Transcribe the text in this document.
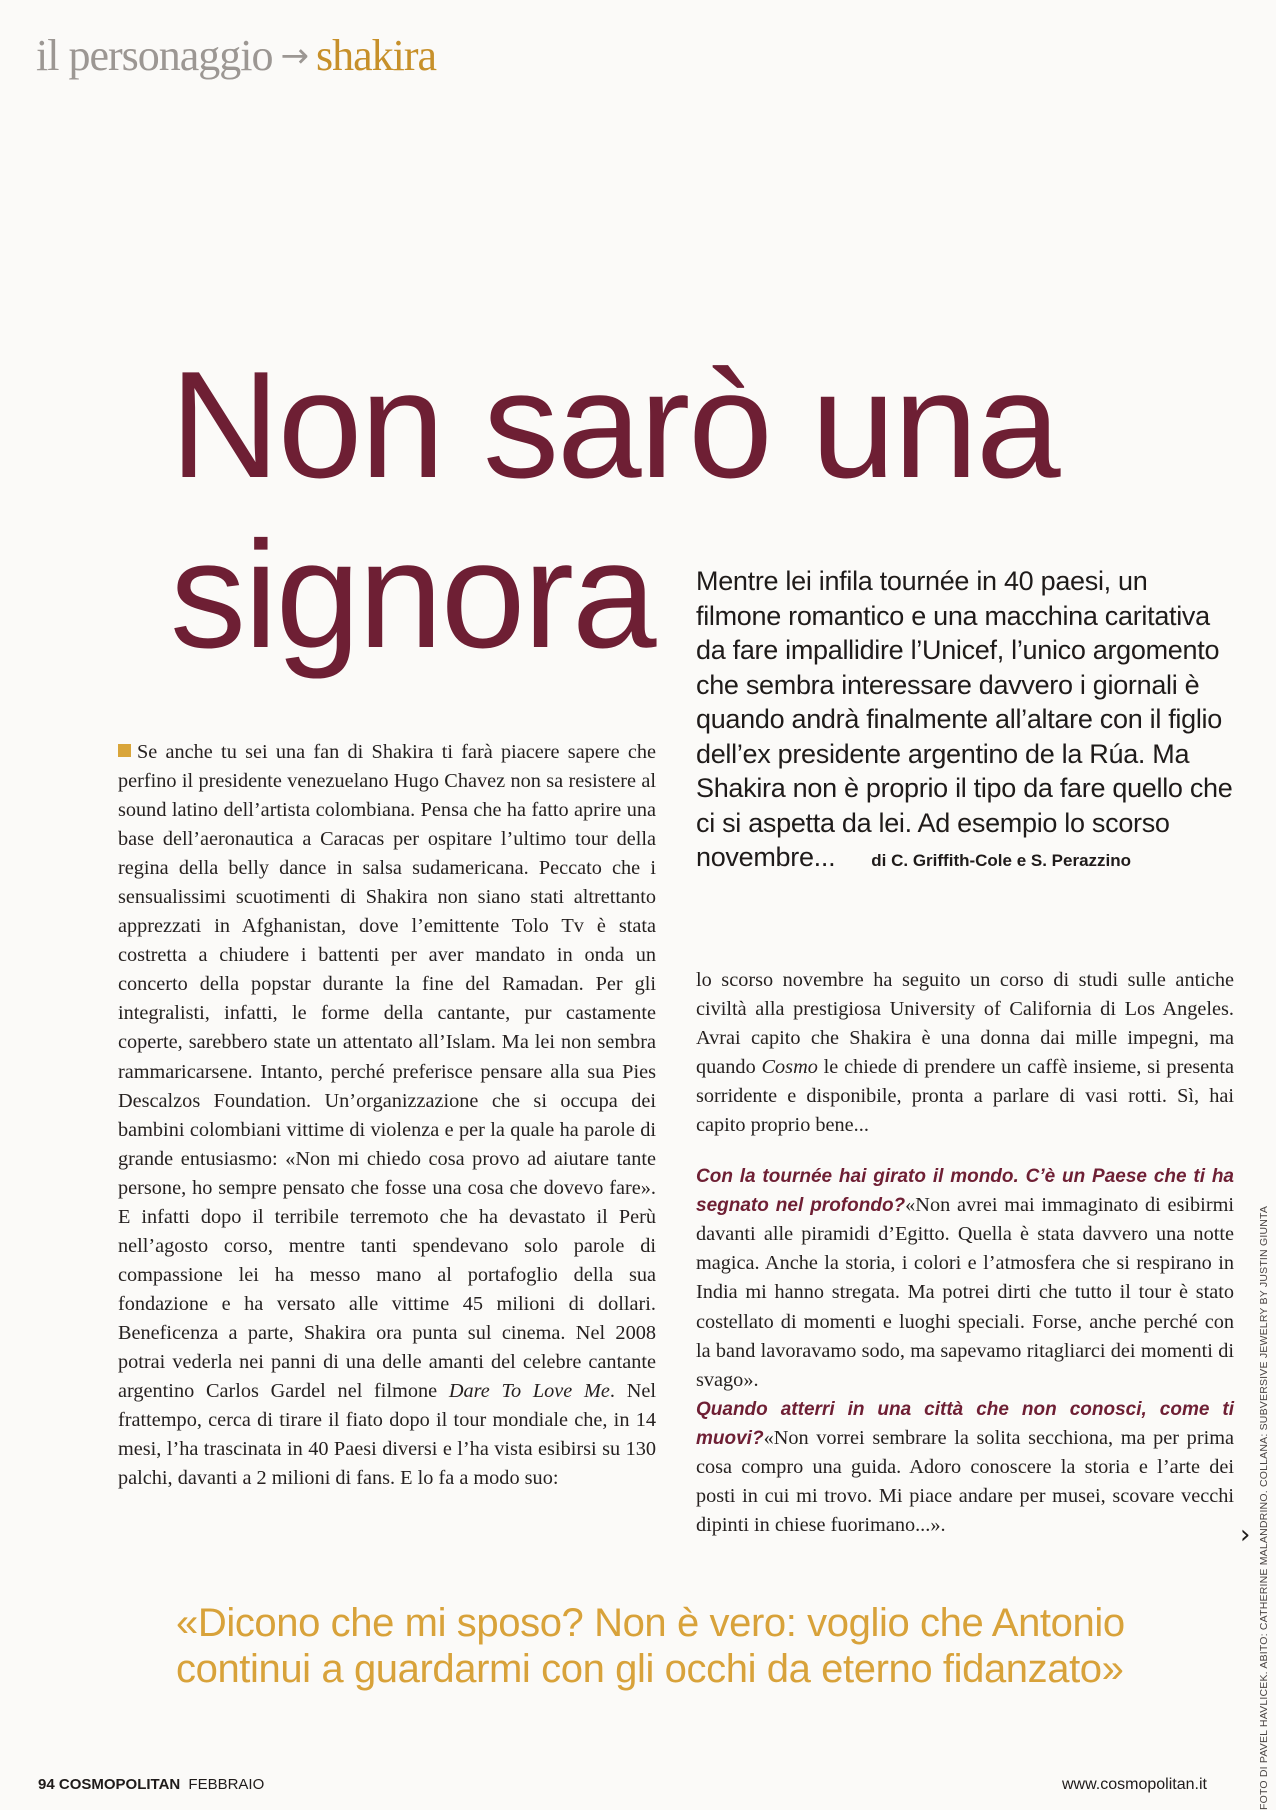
il personaggio → shakira
Non sarò una
signora	Mentre lei infila tournée in 40 paesi, un filmone romantico e una macchina caritativa da fare impallidire l’Unicef, l’unico argomento che sembra interessare davvero i giornali è quando andrà finalmente all’altare con il figlio dell’ex presidente argentino de la Rúa. Ma Shakira non è proprio il tipo da fare quello che ci si aspetta da lei. Ad esempio lo scorso novembre... di C. Griffith-Cole e S. Perazzino
Se anche tu sei una fan di Shakira ti farà piacere sapere che perfino il presidente venezuelano Hugo Chavez non sa resistere al sound latino dell’artista colombiana. Pensa che ha fatto aprire una base dell’aeronautica a Caracas per ospitare l’ultimo tour della regina della belly dance in salsa sudamericana. Peccato che i sensualissimi scuotimenti di Shakira non siano stati altrettanto apprezzati in Afghanistan, dove l’emittente Tolo Tv è stata costretta a chiudere i battenti per aver mandato in onda un concerto della popstar durante la fine del Ramadan. Per gli integralisti, infatti, le forme della cantante, pur castamente coperte, sarebbero state un attentato all’Islam. Ma lei non sembra rammaricarsene. Intanto, perché preferisce pensare alla sua Pies Descalzos Foundation. Un’organizzazione che si occupa dei bambini colombiani vittime di violenza e per la quale ha parole di grande entusiasmo: «Non mi chiedo cosa provo ad aiutare tante persone, ho sempre pensato che fosse una cosa che dovevo fare». E infatti dopo il terribile terremoto che ha devastato il Perù nell’agosto corso, mentre tanti spendevano solo parole di compassione lei ha messo mano al portafoglio della sua fondazione e ha versato alle vittime 45 milioni di dollari. Beneficenza a parte, Shakira ora punta sul cinema. Nel 2008 potrai vederla nei panni di una delle amanti del celebre cantante argentino Carlos Gardel nel filmone Dare To Love Me. Nel frattempo, cerca di tirare il fiato dopo il tour mondiale che, in 14 mesi, l’ha trascinata in 40 Paesi diversi e l’ha vista esibirsi su 130 palchi, davanti a 2 milioni di fans. E lo fa a modo suo:
lo scorso novembre ha seguito un corso di studi sulle antiche civiltà alla prestigiosa University of California di Los Angeles. Avrai capito che Shakira è una donna dai mille impegni, ma quando Cosmo le chiede di prendere un caffè insieme, si presenta sorridente e disponibile, pronta a parlare di vasi rotti. Sì, hai capito proprio bene...
Con la tournée hai girato il mondo. C’è un Paese che ti ha segnato nel profondo?«Non avrei mai immaginato di esibirmi davanti alle piramidi d’Egitto. Quella è stata davvero una notte magica. Anche la storia, i colori e l’atmosfera che si respirano in India mi hanno stregata. Ma potrei dirti che tutto il tour è stato costellato di momenti e luoghi speciali. Forse, anche perché con la band lavoravamo sodo, ma sapevamo ritagliarci dei momenti di svago».
Quando atterri in una città che non conosci, come ti muovi?«Non vorrei sembrare la solita secchiona, ma per prima cosa compro una guida. Adoro conoscere la storia e l’arte dei posti in cui mi trovo. Mi piace andare per musei, scovare vecchi dipinti in chiese fuorimano...».	› FOTO DI PAVEL HAVLICEK. ABITO: CATHERINE MALANDRINO. COLLANA: SUBVERSIVE JEWELRY BY JUSTIN GIUNTA
«Dicono che mi sposo? Non è vero: voglio che Antonio continui a guardarmi con gli occhi da eterno fidanzato»
94 COSMOPOLITAN FEBBRAIO	www.cosmopolitan.it
